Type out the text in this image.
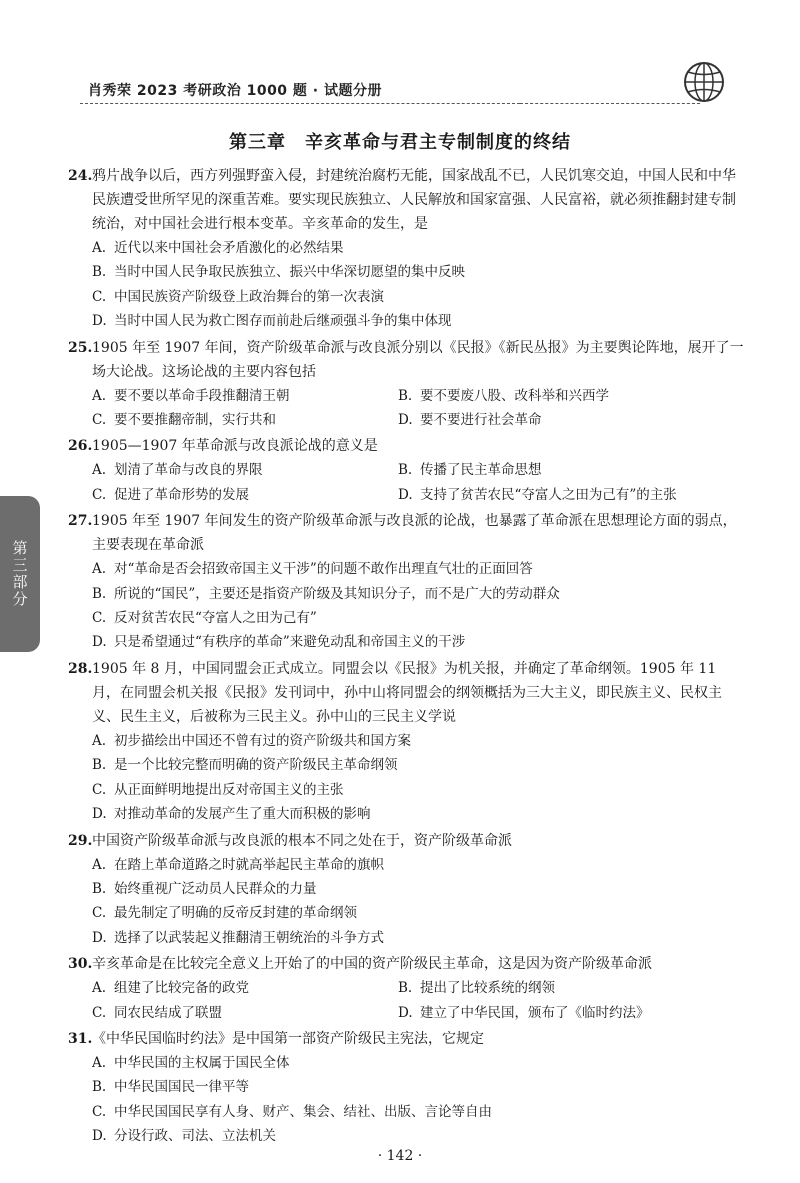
肖秀荣 2023 考研政治 1000 题 · 试题分册
第三章　辛亥革命与君主专制制度的终结
第三部分

24.鸦片战争以后，西方列强野蛮入侵，封建统治腐朽无能，国家战乱不已，人民饥寒交迫，中国人民和中华民族遭受世所罕见的深重苦难。要实现民族独立、人民解放和国家富强、人民富裕，就必须推翻封建专制统治，对中国社会进行根本变革。辛亥革命的发生，是

A. 近代以来中国社会矛盾激化的必然结果
B. 当时中国人民争取民族独立、振兴中华深切愿望的集中反映
C. 中国民族资产阶级登上政治舞台的第一次表演
D. 当时中国人民为救亡图存而前赴后继顽强斗争的集中体现

25.1905 年至 1907 年间，资产阶级革命派与改良派分别以《民报》《新民丛报》为主要舆论阵地，展开了一场大论战。这场论战的主要内容包括

A. 要不要以革命手段推翻清王朝	B. 要不要废八股、改科举和兴西学
C. 要不要推翻帝制，实行共和	D. 要不要进行社会革命

26.1905—1907 年革命派与改良派论战的意义是

A. 划清了革命与改良的界限	B. 传播了民主革命思想
C. 促进了革命形势的发展	D. 支持了贫苦农民“夺富人之田为己有”的主张

27.1905 年至 1907 年间发生的资产阶级革命派与改良派的论战，也暴露了革命派在思想理论方面的弱点，主要表现在革命派

A. 对“革命是否会招致帝国主义干涉”的问题不敢作出理直气壮的正面回答
B. 所说的“国民”，主要还是指资产阶级及其知识分子，而不是广大的劳动群众
C. 反对贫苦农民“夺富人之田为己有”
D. 只是希望通过“有秩序的革命”来避免动乱和帝国主义的干涉

28.1905 年 8 月，中国同盟会正式成立。同盟会以《民报》为机关报，并确定了革命纲领。1905 年 11 月，在同盟会机关报《民报》发刊词中，孙中山将同盟会的纲领概括为三大主义，即民族主义、民权主义、民生主义，后被称为三民主义。孙中山的三民主义学说

A. 初步描绘出中国还不曾有过的资产阶级共和国方案
B. 是一个比较完整而明确的资产阶级民主革命纲领
C. 从正面鲜明地提出反对帝国主义的主张
D. 对推动革命的发展产生了重大而积极的影响

29.中国资产阶级革命派与改良派的根本不同之处在于，资产阶级革命派

A. 在踏上革命道路之时就高举起民主革命的旗帜
B. 始终重视广泛动员人民群众的力量
C. 最先制定了明确的反帝反封建的革命纲领
D. 选择了以武装起义推翻清王朝统治的斗争方式

30.辛亥革命是在比较完全意义上开始了的中国的资产阶级民主革命，这是因为资产阶级革命派

A. 组建了比较完备的政党	B. 提出了比较系统的纲领
C. 同农民结成了联盟	D. 建立了中华民国，颁布了《临时约法》

31.《中华民国临时约法》是中国第一部资产阶级民主宪法，它规定

A. 中华民国的主权属于国民全体
B. 中华民国国民一律平等
C. 中华民国国民享有人身、财产、集会、结社、出版、言论等自由
D. 分设行政、司法、立法机关
· 142 ·
